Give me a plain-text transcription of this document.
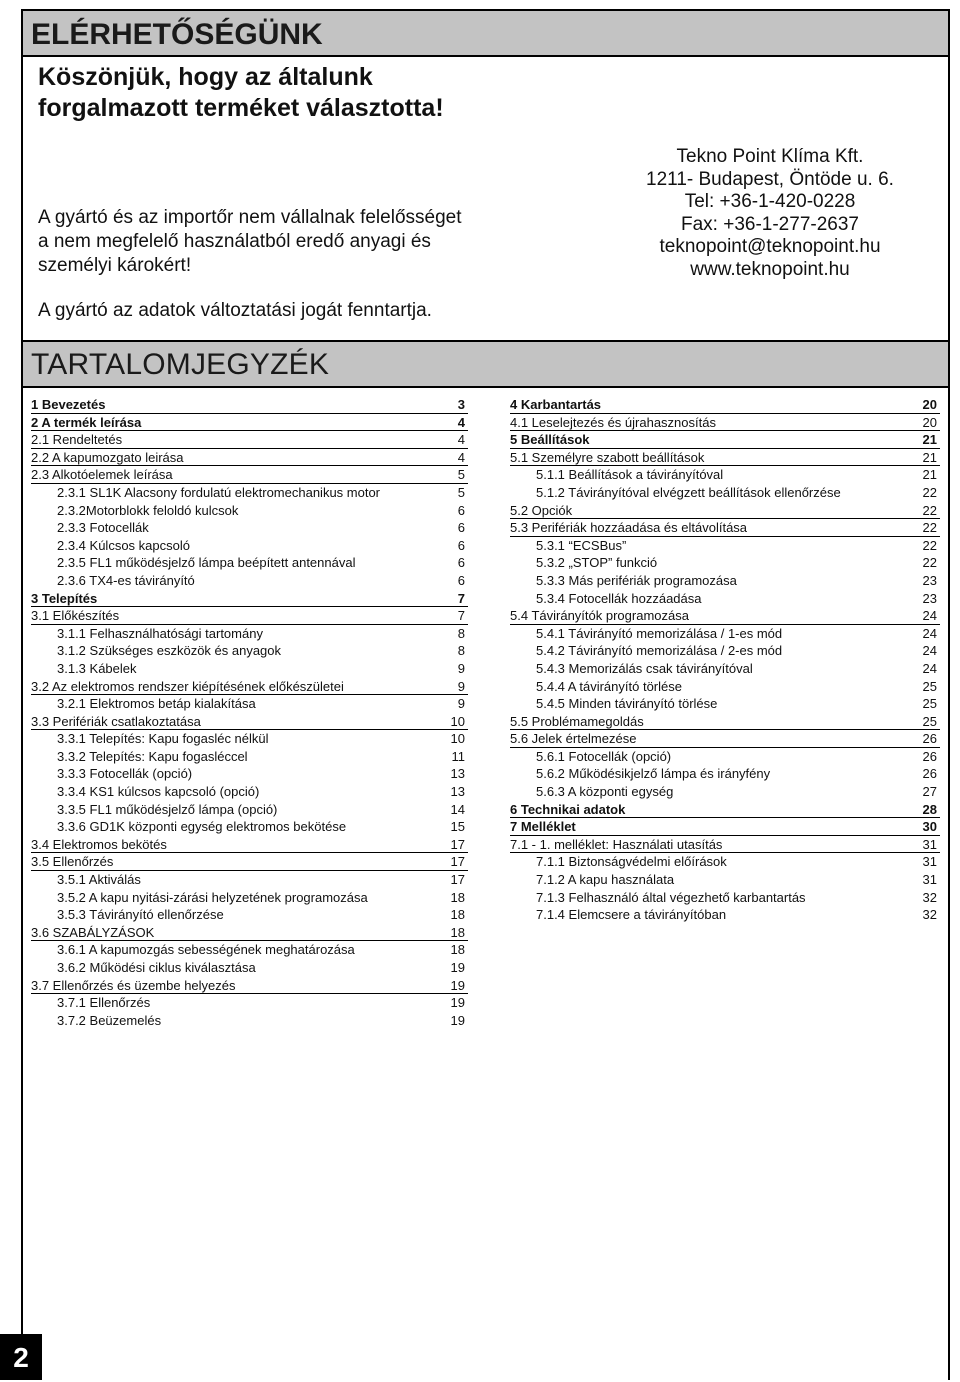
ELÉRHETŐSÉGÜNK
Köszönjük, hogy az általunk
forgalmazott terméket választotta!
A gyártó és az importőr nem vállalnak felelősséget
a nem megfelelő használatból eredő anyagi és
személyi károkért!
A gyártó az adatok változtatási jogát fenntartja.
Tekno Point Klíma Kft.
1211- Budapest, Öntöde u. 6.
Tel: +36-1-420-0228
Fax: +36-1-277-2637
teknopoint@teknopoint.hu
www.teknopoint.hu
TARTALOMJEGYZÉK
1 Bevezetés	3
2 A termék leírása	4
2.1 Rendeltetés	4
2.2 A kapumozgato leirása	4
2.3 Alkotóelemek leírása	5
2.3.1 SL1K Alacsony fordulatú elektromechanikus motor	5
2.3.2Motorblokk feloldó kulcsok	6
2.3.3 Fotocellák	6
2.3.4 Kúlcsos kapcsoló	6
2.3.5 FL1 működésjelző lámpa beépített antennával	6
2.3.6 TX4-es távirányító	6
3 Telepítés	7
3.1 Előkészítés	7
3.1.1 Felhasználhatósági tartomány	8
3.1.2 Szükséges eszközök és anyagok	8
3.1.3 Kábelek	9
3.2 Az elektromos rendszer kiépítésének előkészületei	9
3.2.1 Elektromos betáp kialakítása	9
3.3 Perifériák csatlakoztatása	10
3.3.1 Telepítés: Kapu fogasléc nélkül	10
3.3.2 Telepítés: Kapu fogasléccel	11
3.3.3 Fotocellák (opció)	13
3.3.4 KS1 kúlcsos kapcsoló (opció)	13
3.3.5 FL1 működésjelző lámpa (opció)	14
3.3.6 GD1K központi egység elektromos bekötése	15
3.4 Elektromos bekötés	17
3.5 Ellenőrzés	17
3.5.1 Aktiválás	17
3.5.2 A kapu nyitási-zárási helyzetének programozása	18
3.5.3 Távirányító ellenőrzése	18
3.6 SZABÁLYZÁSOK	18
3.6.1 A kapumozgás sebességének meghatározása	18
3.6.2 Működési ciklus kiválasztása	19
3.7 Ellenőrzés és üzembe helyezés	19
3.7.1 Ellenőrzés	19
3.7.2 Beüzemelés	19
4 Karbantartás	20
4.1 Leselejtezés és újrahasznosítás	20
5 Beállítások	21
5.1 Személyre szabott beállítások	21
5.1.1 Beállítások a távirányítóval	21
5.1.2 Távirányítóval elvégzett beállítások ellenőrzése	22
5.2 Opciók	22
5.3 Perifériák hozzáadása és eltávolítása	22
5.3.1 “ECSBus”	22
5.3.2 „STOP” funkció	22
5.3.3 Más perifériák programozása	23
5.3.4 Fotocellák hozzáadása	23
5.4 Távirányítók programozása	24
5.4.1 Távirányító memorizálása / 1-es mód	24
5.4.2 Távirányító memorizálása / 2-es mód	24
5.4.3 Memorizálás csak távirányítóval	24
5.4.4 A távirányító törlése	25
5.4.5 Minden távirányító törlése	25
5.5 Problémamegoldás	25
5.6 Jelek értelmezése	26
5.6.1 Fotocellák (opció)	26
5.6.2 Működésikjelző lámpa és irányfény	26
5.6.3 A központi egység	27
6 Technikai adatok	28
7 Melléklet	30
7.1 - 1. melléklet: Használati utasítás	31
7.1.1 Biztonságvédelmi előírások	31
7.1.2 A kapu használata	31
7.1.3 Felhasználó által végezhető karbantartás	32
7.1.4 Elemcsere a távirányítóban	32
2
